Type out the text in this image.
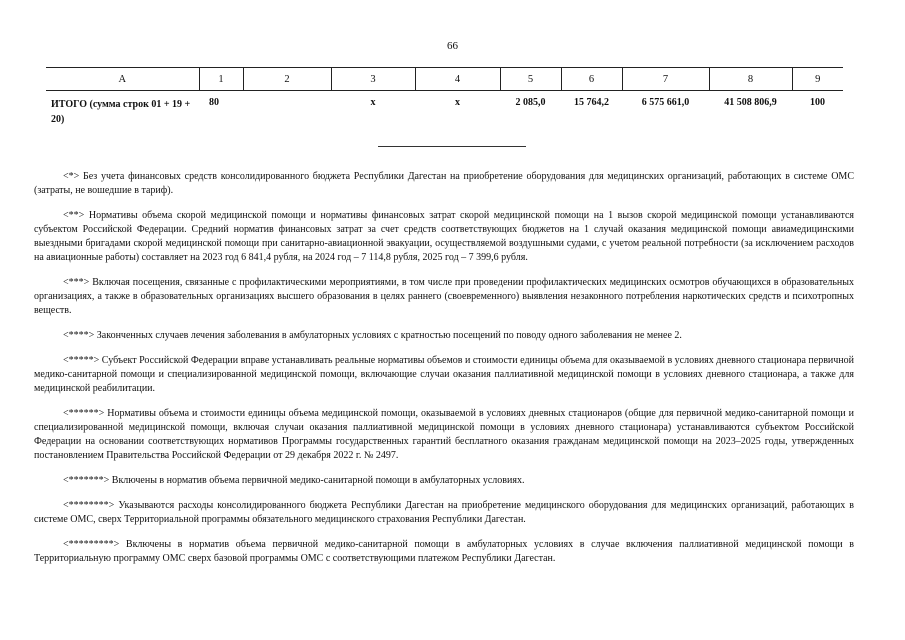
66
А	1	2	3	4	5	6	7	8	9
ИТОГО (сумма строк 01 + 19 + 20)	80		х	х	2 085,0	15 764,2	6 575 661,0	41 508 806,9	100

<*> Без учета финансовых средств консолидированного бюджета Республики Дагестан на приобретение оборудования для медицинских организаций, работающих в системе ОМС (затраты, не вошедшие в тариф).

<**> Нормативы объема скорой медицинской помощи и нормативы финансовых затрат скорой медицинской помощи на 1 вызов скорой медицинской помощи устанавливаются субъектом Российской Федерации. Средний норматив финансовых затрат за счет средств соответствующих бюджетов на 1 случай оказания медицинской помощи авиамедицинскими выездными бригадами скорой медицинской помощи при санитарно-авиационной эвакуации, осуществляемой воздушными судами, с учетом реальной потребности (за исключением расходов на авиационные работы) составляет на 2023 год 6 841,4 рубля, на 2024 год – 7 114,8 рубля, 2025 год – 7 399,6 рубля.

<***> Включая посещения, связанные с профилактическими мероприятиями, в том числе при проведении профилактических медицинских осмотров обучающихся в образовательных организациях, а также в образовательных организациях высшего образования в целях раннего (своевременного) выявления незаконного потребления наркотических средств и психотропных веществ.

<****> Законченных случаев лечения заболевания в амбулаторных условиях с кратностью посещений по поводу одного заболевания не менее 2.

<*****> Субъект Российской Федерации вправе устанавливать реальные нормативы объемов и стоимости единицы объема для оказываемой в условиях дневного стационара первичной медико-санитарной помощи и специализированной медицинской помощи, включающие случаи оказания паллиативной медицинской помощи в условиях дневного стационара, а также для медицинской реабилитации.

<******> Нормативы объема и стоимости единицы объема медицинской помощи, оказываемой в условиях дневных стационаров (общие для первичной медико-санитарной помощи и специализированной медицинской помощи, включая случаи оказания паллиативной медицинской помощи в условиях дневного стационара) устанавливаются субъектом Российской Федерации на основании соответствующих нормативов Программы государственных гарантий бесплатного оказания гражданам медицинской помощи на 2023–2025 годы, утвержденных постановлением Правительства Российской Федерации от 29 декабря 2022 г. № 2497.

<*******> Включены в норматив объема первичной медико-санитарной помощи в амбулаторных условиях.

<********> Указываются расходы консолидированного бюджета Республики Дагестан на приобретение медицинского оборудования для медицинских организаций, работающих в системе ОМС, сверх Территориальной программы обязательного медицинского страхования Республики Дагестан.

<*********> Включены в норматив объема первичной медико-санитарной помощи в амбулаторных условиях в случае включения паллиативной медицинской помощи в Территориальную программу ОМС сверх базовой программы ОМС с соответствующими платежом Республики Дагестан.
